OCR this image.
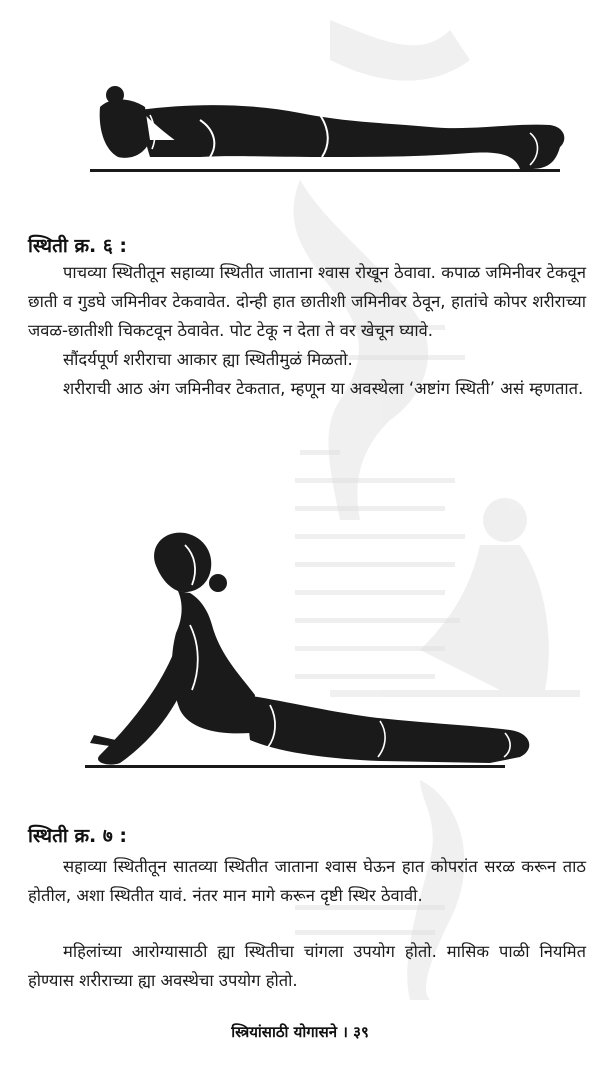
स्थिती क्र. ६ :

पाचव्या स्थितीतून सहाव्या स्थितीत जाताना श्वास रोखून ठेवावा. कपाळ जमिनीवर टेकवून छाती व गुडघे जमिनीवर टेकवावेत. दोन्ही हात छातीशी जमिनीवर ठेवून, हातांचे कोपर शरीराच्या जवळ-छातीशी चिकटवून ठेवावेत. पोट टेकू न देता ते वर खेचून घ्यावे.

सौंदर्यपूर्ण शरीराचा आकार ह्या स्थितीमुळं मिळतो.

शरीराची आठ अंग जमिनीवर टेकतात, म्हणून या अवस्थेला ‘अष्टांग स्थिती’ असं म्हणतात.

स्थिती क्र. ७ :

सहाव्या स्थितीतून सातव्या स्थितीत जाताना श्वास घेऊन हात कोपरांत सरळ करून ताठ होतील, अशा स्थितीत यावं. नंतर मान मागे करून दृष्टी स्थिर ठेवावी.

महिलांच्या आरोग्यासाठी ह्या स्थितीचा चांगला उपयोग होतो. मासिक पाळी नियमित होण्यास शरीराच्या ह्या अवस्थेचा उपयोग होतो.

स्त्रियांसाठी योगासने । ३९
